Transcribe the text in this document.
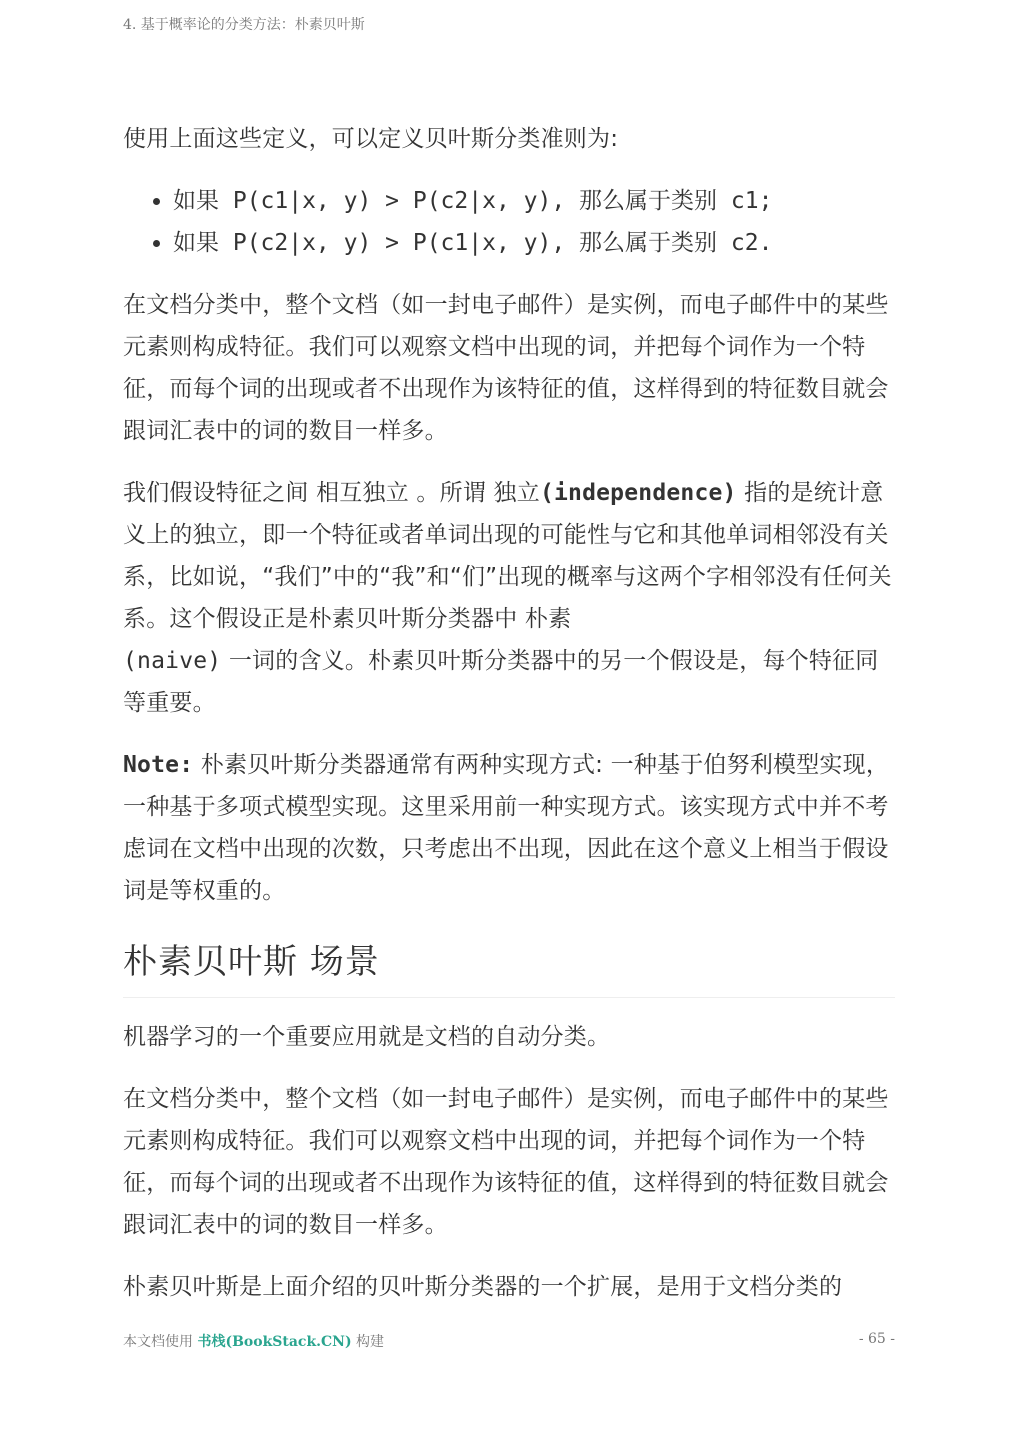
4. 基于概率论的分类方法：朴素贝叶斯

使用上面这些定义，可以定义贝叶斯分类准则为:

• 如果 P(c1|x, y) > P(c2|x, y), 那么属于类别 c1;
• 如果 P(c2|x, y) > P(c1|x, y), 那么属于类别 c2.

在文档分类中，整个文档（如一封电子邮件）是实例，而电子邮件中的某些元素则构成特征。我们可以观察文档中出现的词，并把每个词作为一个特征，而每个词的出现或者不出现作为该特征的值，这样得到的特征数目就会跟词汇表中的词的数目一样多。

我们假设特征之间 相互独立 。所谓 独立(independence) 指的是统计意义上的独立，即一个特征或者单词出现的可能性与它和其他单词相邻没有关系，比如说，“我们”中的“我”和“们”出现的概率与这两个字相邻没有任何关系。这个假设正是朴素贝叶斯分类器中 朴素
(naive) 一词的含义。朴素贝叶斯分类器中的另一个假设是，每个特征同等重要。

Note: 朴素贝叶斯分类器通常有两种实现方式: 一种基于伯努利模型实现，一种基于多项式模型实现。这里采用前一种实现方式。该实现方式中并不考虑词在文档中出现的次数，只考虑出不出现，因此在这个意义上相当于假设词是等权重的。

朴素贝叶斯 场景

机器学习的一个重要应用就是文档的自动分类。

在文档分类中，整个文档（如一封电子邮件）是实例，而电子邮件中的某些元素则构成特征。我们可以观察文档中出现的词，并把每个词作为一个特征，而每个词的出现或者不出现作为该特征的值，这样得到的特征数目就会跟词汇表中的词的数目一样多。

朴素贝叶斯是上面介绍的贝叶斯分类器的一个扩展，是用于文档分类的

本文档使用 书栈(BookStack.CN) 构建	- 65 -
